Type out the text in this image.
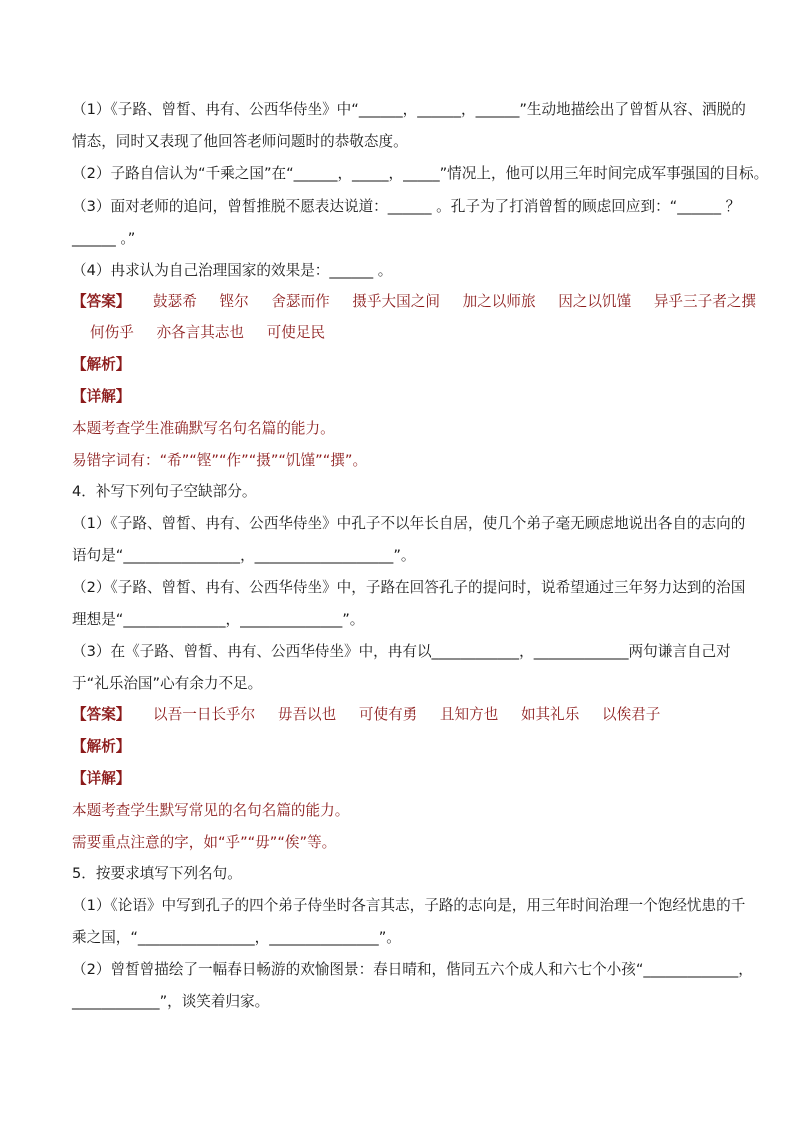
（1）《子路、曾皙、冉有、公西华侍坐》中“______，______，______”生动地描绘出了曾皙从容、洒脱的
情态，同时又表现了他回答老师问题时的恭敬态度。
（2）子路自信认为“千乘之国”在“______，_____，_____”情况上，他可以用三年时间完成军事强国的目标。
（3）面对老师的追问，曾皙推脱不愿表达说道：______ 。孔子为了打消曾皙的顾虑回应到：“______ ？
______ 。”
（4）冉求认为自己治理国家的效果是：______ 。
【答案】 鼓瑟希 铿尔 舍瑟而作 摄乎大国之间 加之以师旅 因之以饥馑 异乎三子者之撰
何伤乎 亦各言其志也 可使足民
【解析】
【详解】
本题考查学生准确默写名句名篇的能力。
易错字词有：“希”“铿”“作”“摄”“饥馑”“撰”。
4．补写下列句子空缺部分。
（1）《子路、曾皙、冉有、公西华侍坐》中孔子不以年长自居，使几个弟子毫无顾虑地说出各自的志向的
语句是“________________，___________________”。
（2）《子路、曾皙、冉有、公西华侍坐》中，子路在回答孔子的提问时，说希望通过三年努力达到的治国
理想是“______________，______________”。
（3）在《子路、曾皙、冉有、公西华侍坐》中，冉有以____________，_____________两句谦言自己对
于“礼乐治国”心有余力不足。
【答案】 以吾一日长乎尔 毋吾以也 可使有勇 且知方也 如其礼乐 以俟君子
【解析】
【详解】
本题考查学生默写常见的名句名篇的能力。
需要重点注意的字，如“乎”“毋”“俟”等。
5．按要求填写下列名句。
（1）《论语》中写到孔子的四个弟子侍坐时各言其志，子路的志向是，用三年时间治理一个饱经忧患的千
乘之国，“________________，_______________”。
（2）曾皙曾描绘了一幅春日畅游的欢愉图景：春日晴和，偕同五六个成人和六七个小孩“_____________，
____________”，谈笑着归家。
